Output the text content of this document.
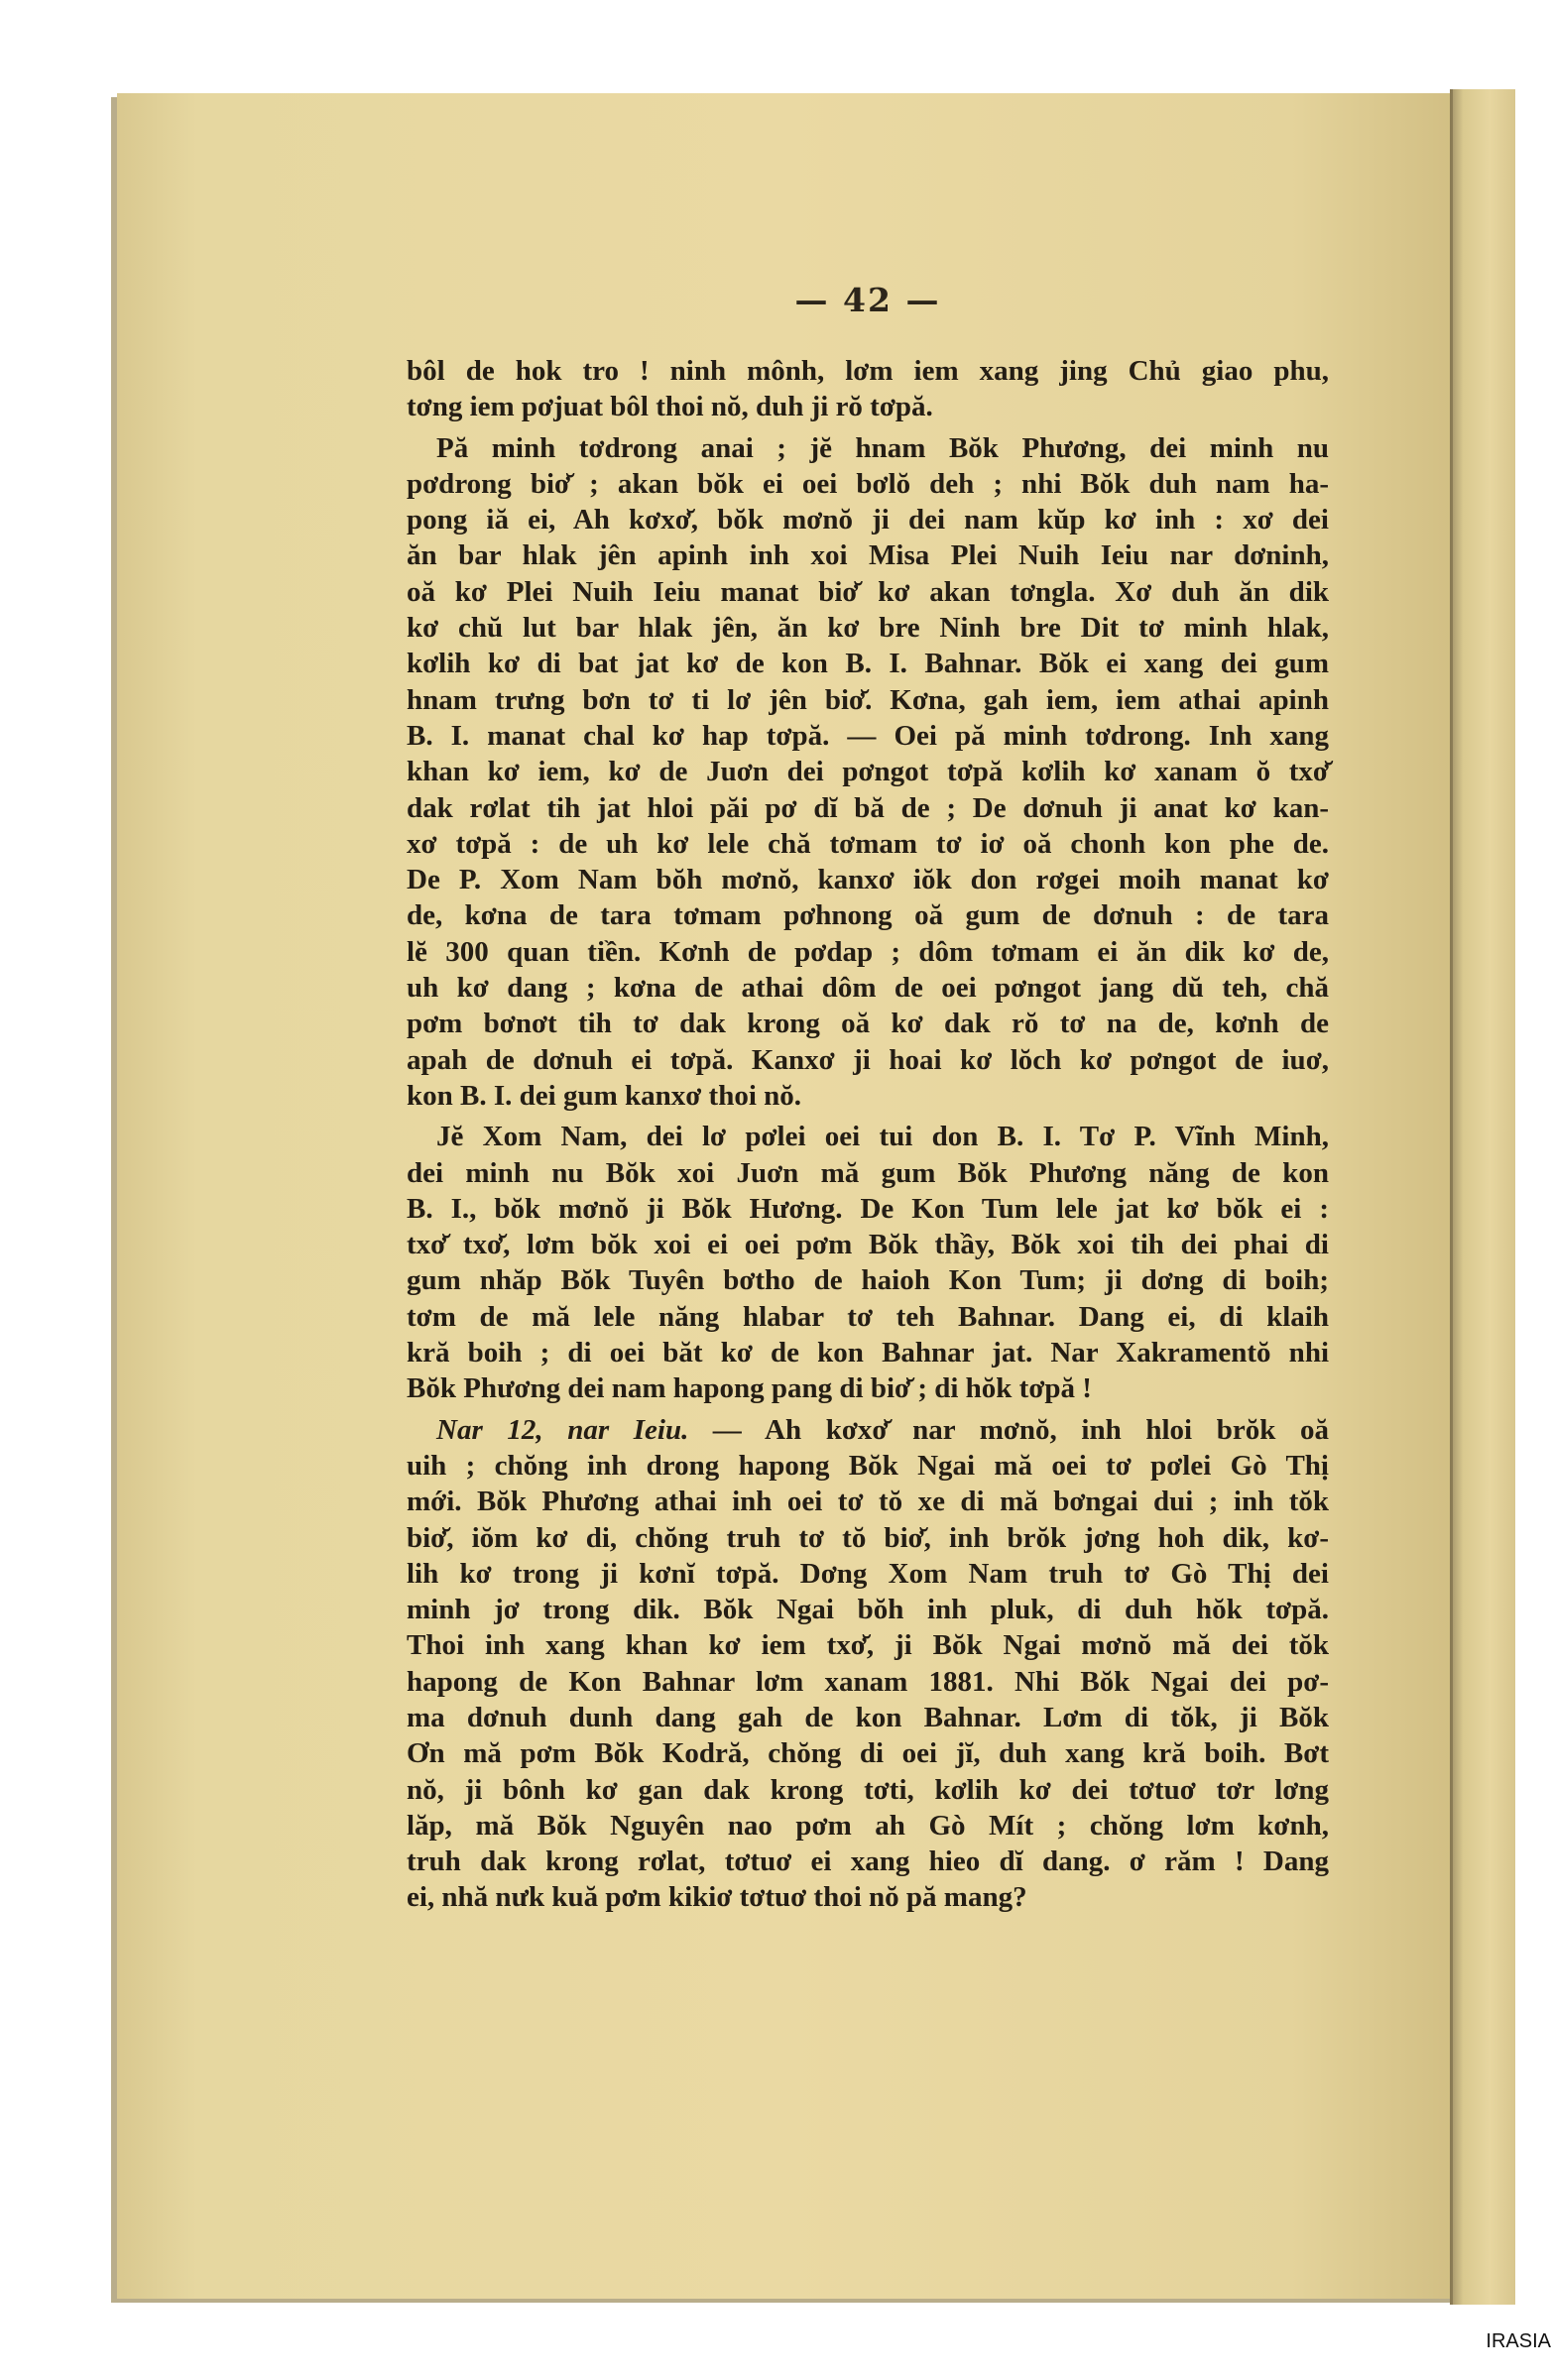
— 42 —
bôl de hok tro ! ninh mônh, lơm iem xang jing Chủ giao phu,
tơng iem pơjuat bôl thoi nŏ, duh ji rŏ tơpă.
Pă minh tơdrong anai ; jĕ hnam Bŏk Phương, dei minh nu
pơdrong biơ̆ ; akan bŏk ei oei bơlŏ deh ; nhi Bŏk duh nam ha-
pong iă ei, Ah kơxơ̆, bŏk mơnŏ ji dei nam kŭp kơ inh : xơ dei
ăn bar hlak jên apinh inh xoi Misa Plei Nuih Ieiu nar dơninh,
oă kơ Plei Nuih Ieiu manat biơ̆ kơ akan tơngla. Xơ duh ăn dik
kơ chŭ lut bar hlak jên, ăn kơ bre Ninh bre Dit tơ minh hlak,
kơlih kơ di bat jat kơ de kon B. I. Bahnar. Bŏk ei xang dei gum
hnam trưng bơn tơ ti lơ jên biơ̆. Kơna, gah iem, iem athai apinh
B. I. manat chal kơ hap tơpă. — Oei pă minh tơdrong. Inh xang
khan kơ iem, kơ de Juơn dei pơngot tơpă kơlih kơ xanam ŏ txơ̆
dak rơlat tih jat hloi păi pơ dĭ bă de ; De dơnuh ji anat kơ kan-
xơ tơpă : de uh kơ lele chă tơmam tơ iơ oă chonh kon phe de.
De P. Xom Nam bŏh mơnŏ, kanxơ iŏk don rơgei moih manat kơ
de, kơna de tara tơmam pơhnong oă gum de dơnuh : de tara
lĕ 300 quan tiền. Kơnh de pơdap ; dôm tơmam ei ăn dik kơ de,
uh kơ dang ; kơna de athai dôm de oei pơngot jang dŭ teh, chă
pơm bơnơt tih tơ dak krong oă kơ dak rŏ tơ na de, kơnh de
apah de dơnuh ei tơpă. Kanxơ ji hoai kơ lŏch kơ pơngot de iuơ,
kon B. I. dei gum kanxơ thoi nŏ.
Jĕ Xom Nam, dei lơ pơlei oei tui don B. I. Tơ P. Vĩnh Minh,
dei minh nu Bŏk xoi Juơn mă gum Bŏk Phương năng de kon
B. I., bŏk mơnŏ ji Bŏk Hương. De Kon Tum lele jat kơ bŏk ei :
txơ̆ txơ̆, lơm bŏk xoi ei oei pơm Bŏk thầy, Bŏk xoi tih dei phai di
gum nhăp Bŏk Tuyên bơtho de haioh Kon Tum; ji dơng di boih;
tơm de mă lele năng hlabar tơ teh Bahnar. Dang ei, di klaih
kră boih ; di oei băt kơ de kon Bahnar jat. Nar Xakramentŏ nhi
Bŏk Phương dei nam hapong pang di biơ̆ ; di hŏk tơpă !
Nar 12, nar Ieiu. — Ah kơxơ̆ nar mơnŏ, inh hloi brŏk oă
uih ; chŏng inh drong hapong Bŏk Ngai mă oei tơ pơlei Gò Thị
mới. Bŏk Phương athai inh oei tơ tŏ xe di mă bơngai dui ; inh tŏk
biơ̆, iŏm kơ di, chŏng truh tơ tŏ biơ̆, inh brŏk jơng hoh dik, kơ-
lih kơ trong ji kơnĭ tơpă. Dơng Xom Nam truh tơ Gò Thị dei
minh jơ trong dik. Bŏk Ngai bŏh inh pluk, di duh hŏk tơpă.
Thoi inh xang khan kơ iem txơ̆, ji Bŏk Ngai mơnŏ mă dei tŏk
hapong de Kon Bahnar lơm xanam 1881. Nhi Bŏk Ngai dei pơ-
ma dơnuh dunh dang gah de kon Bahnar. Lơm di tŏk, ji Bŏk
Ơn mă pơm Bŏk Kodră, chŏng di oei jĭ, duh xang kră boih. Bơt
nŏ, ji bônh kơ gan dak krong tơti, kơlih kơ dei tơtuơ tơr lơng
lăp, mă Bŏk Nguyên nao pơm ah Gò Mít ; chŏng lơm kơnh,
truh dak krong rơlat, tơtuơ ei xang hieo dĭ dang. ơ răm ! Dang
ei, nhă nưk kuă pơm kikiơ tơtuơ thoi nŏ pă mang?
IRASIA
